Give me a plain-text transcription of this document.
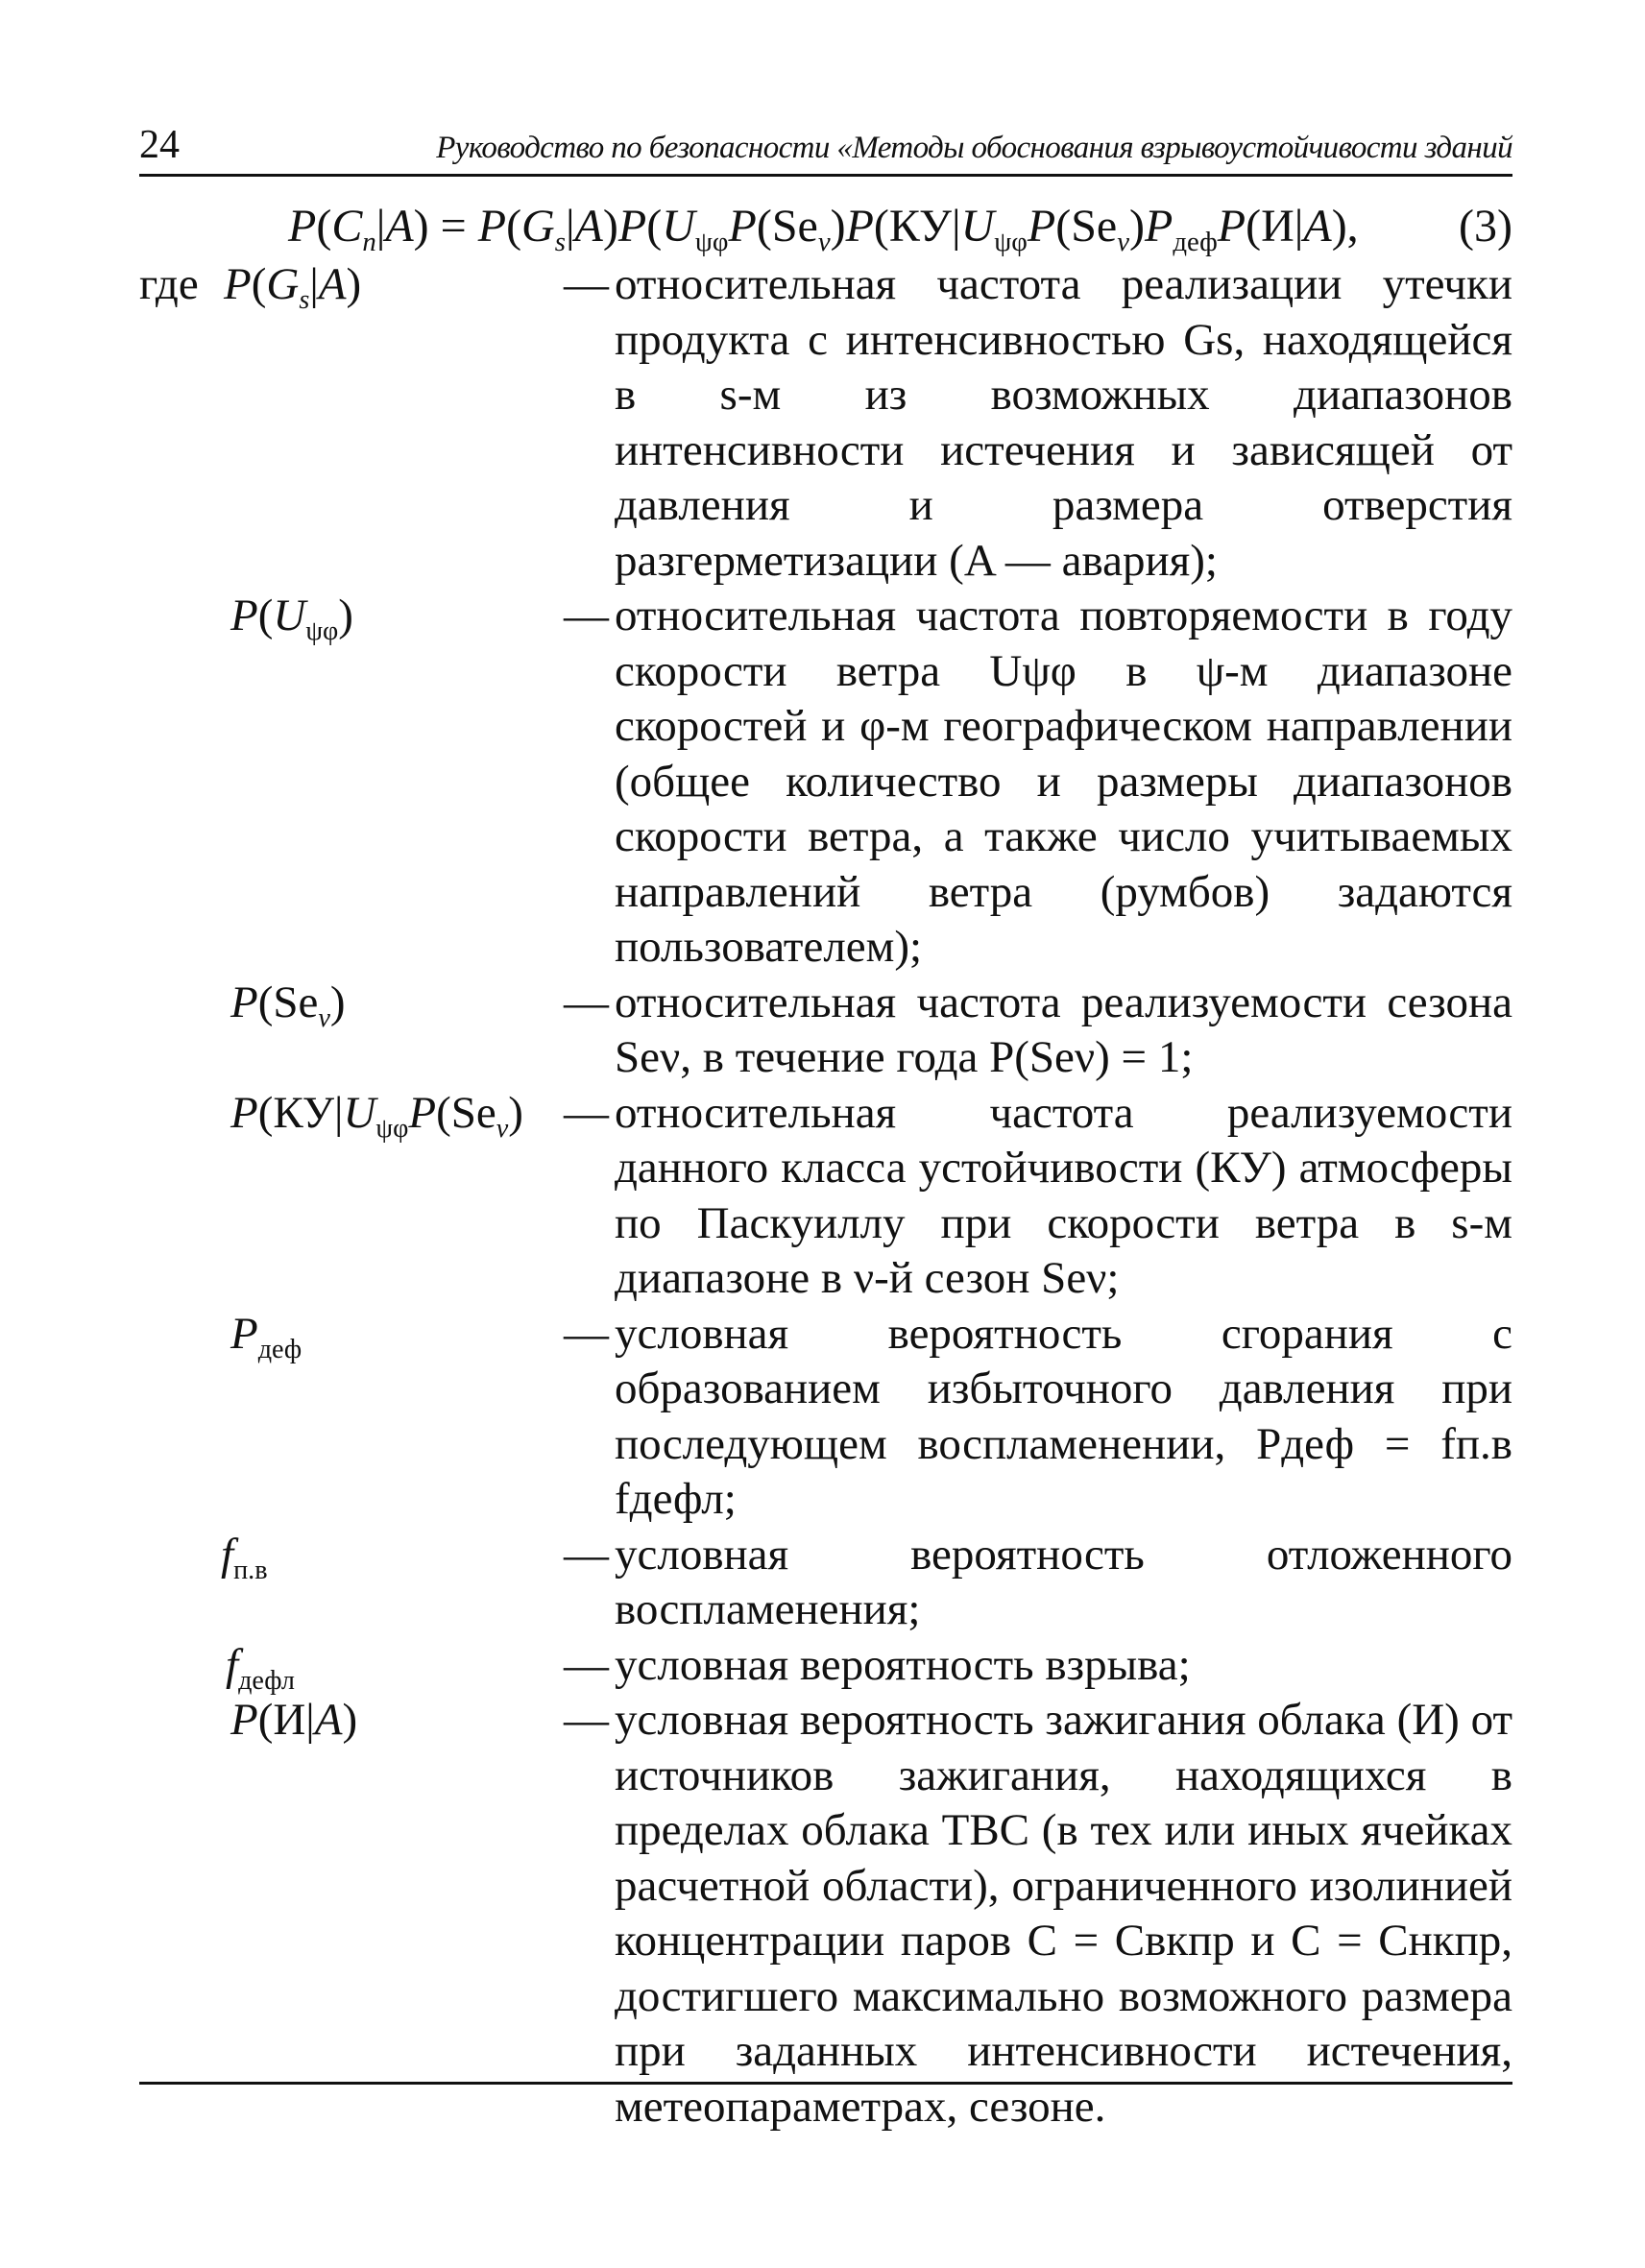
24	Руководство по безопасности «Методы обоснования взрывоустойчивости зданий
$P(C_n|A) = P(G_s|A)P(U_{\psi\varphi}P(Se_\nu)P(КУ|U_{\psi\varphi}P(Se_\nu)P_{деф}P(И|A)$, (3)
где $P(G_s|A)$	— относительная частота реализации утечки продукта с интенсивностью Gs, находящейся в s-м из возможных диапазонов интенсивности истечения и зависящей от давления и размера отверстия разгерметизации (A — авария);
$P(U_{\psi\varphi})$	— относительная частота повторяемости в году скорости ветра Uψφ в ψ-м диапазоне скоростей и φ-м географическом направлении (общее количество и размеры диапазонов скорости ветра, а также число учитываемых направлений ветра (румбов) задаются пользователем);
$P(Se_\nu)$	— относительная частота реализуемости сезона Seν, в течение года P(Seν) = 1;
$P(КУ|U_{\psi\varphi}P(Se_\nu)$ — относительная частота реализуемости данного класса устойчивости (КУ) атмосферы по Паскуиллу при скорости ветра в s-м диапазоне в ν-й сезон Seν;
$P_{деф}$	— условная вероятность сгорания с образованием избыточного давления при последующем воспламенении, Pдеф = fп.в fдефл;
$f_{п.в}$	— условная вероятность отложенного воспламенения;
$f_{дефл}$	— условная вероятность взрыва;
P(И|A)	— условная вероятность зажигания облака (И) от источников зажигания, находящихся в пределах облака ТВС (в тех или иных ячейках расчетной области), ограниченного изолинией концентрации паров C = Cвкпр и C = Cнкпр, достигшего максимально возможного размера при заданных интенсивности истечения, метеопараметрах, сезоне.
